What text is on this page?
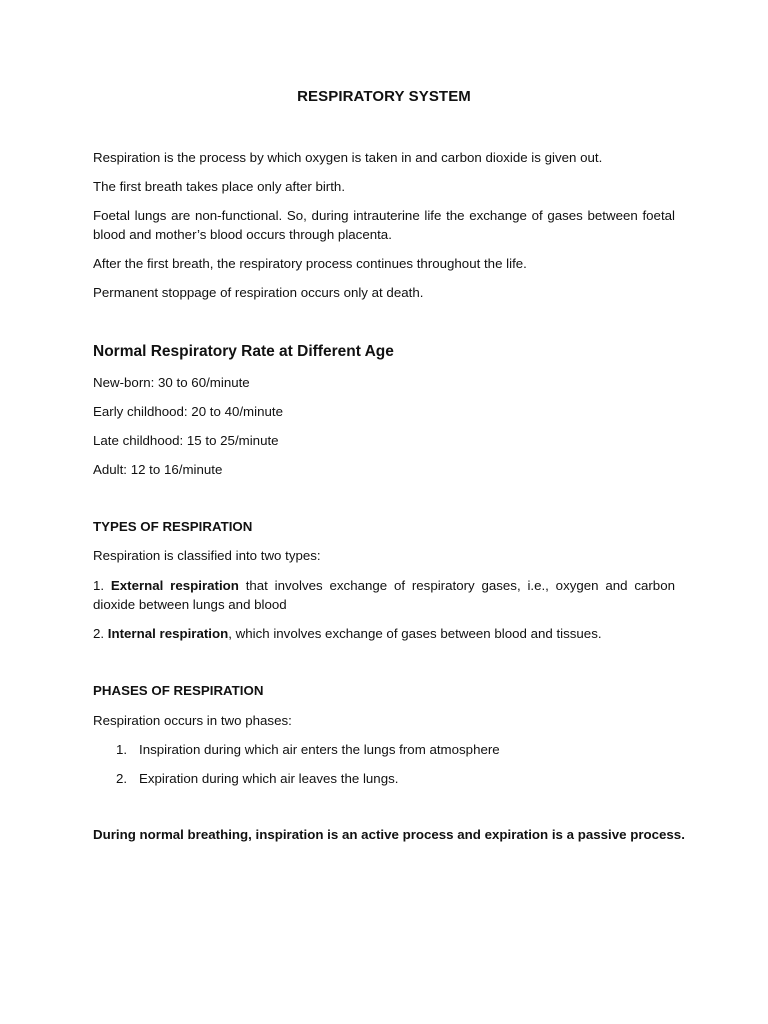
RESPIRATORY SYSTEM
Respiration is the process by which oxygen is taken in and carbon dioxide is given out.
The first breath takes place only after birth.
Foetal lungs are non-functional. So, during intrauterine life the exchange of gases between foetal blood and mother’s blood occurs through placenta.
After the first breath, the respiratory process continues throughout the life.
Permanent stoppage of respiration occurs only at death.
Normal Respiratory Rate at Different Age
New-born: 30 to 60/minute
Early childhood: 20 to 40/minute
Late childhood: 15 to 25/minute
Adult: 12 to 16/minute
TYPES OF RESPIRATION
Respiration is classified into two types:
1. External respiration that involves exchange of respiratory gases, i.e., oxygen and carbon dioxide between lungs and blood
2. Internal respiration, which involves exchange of gases between blood and tissues.
PHASES OF RESPIRATION
Respiration occurs in two phases:
1. Inspiration during which air enters the lungs from atmosphere
2. Expiration during which air leaves the lungs.
During normal breathing, inspiration is an active process and expiration is a passive process.
